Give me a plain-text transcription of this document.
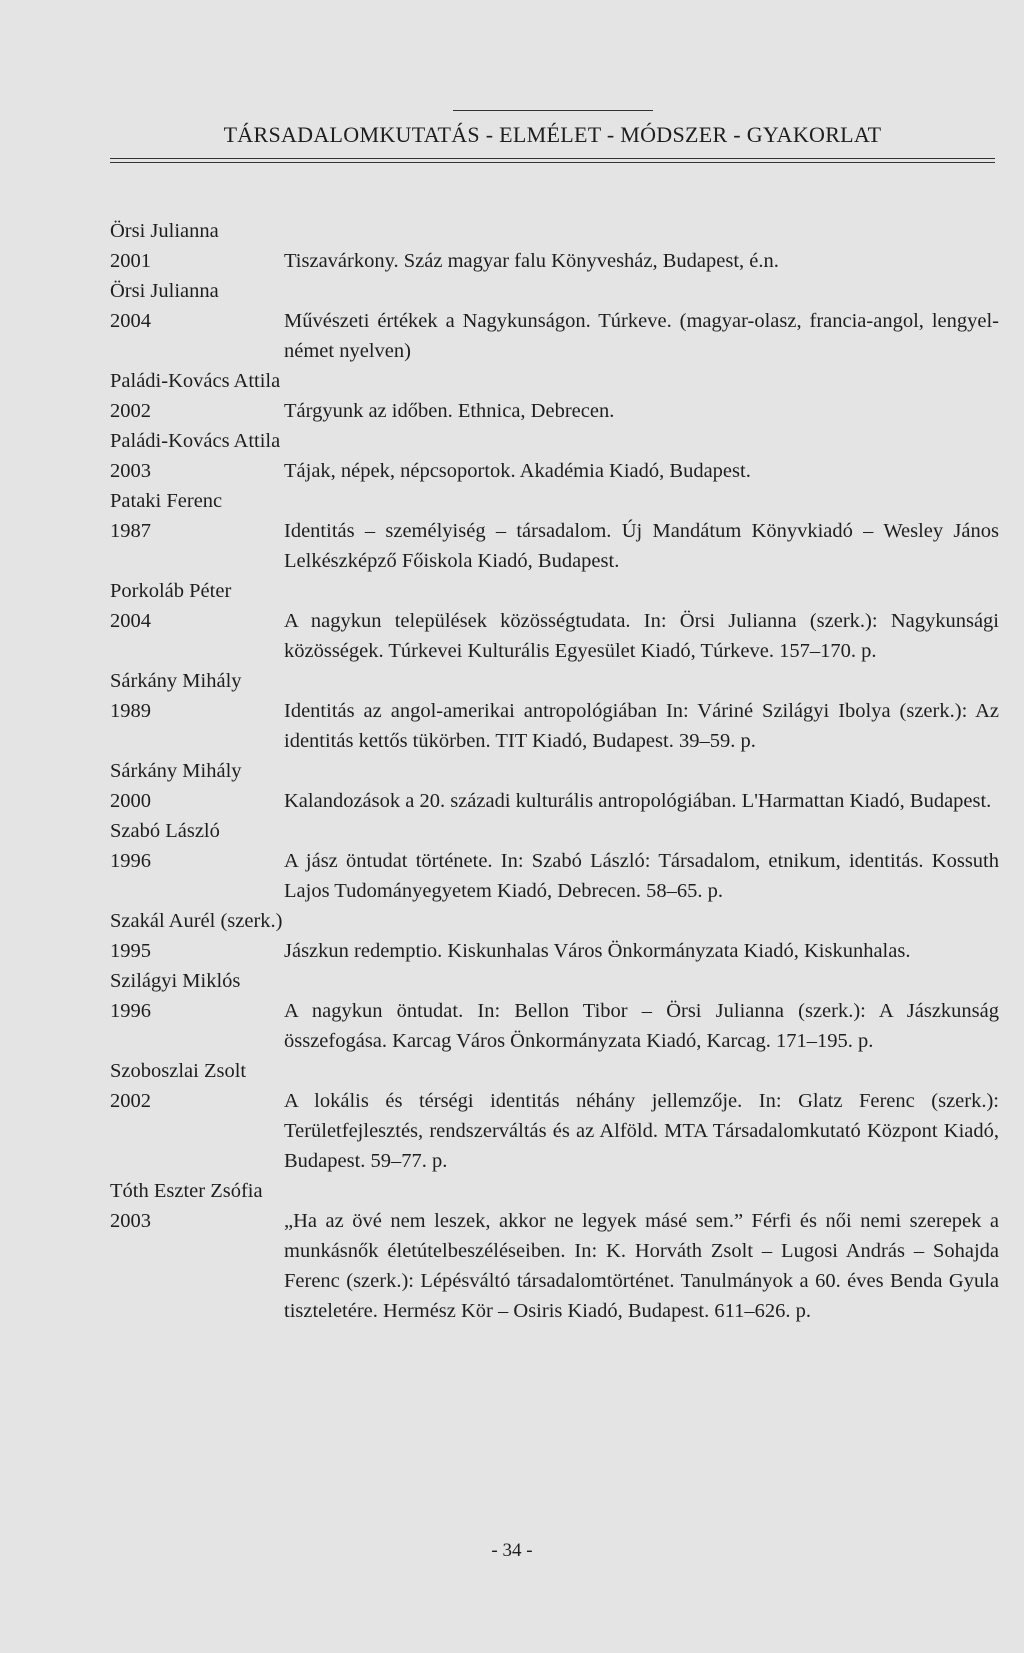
TÁRSADALOMKUTATÁS - ELMÉLET - MÓDSZER - GYAKORLAT
Örsi Julianna
2001	Tiszavárkony. Száz magyar falu Könyvesház, Budapest, é.n.
Örsi Julianna
2004	Művészeti értékek a Nagykunságon. Túrkeve. (magyar-olasz, francia-angol, lengyel-német nyelven)
Paládi-Kovács Attila
2002	Tárgyunk az időben. Ethnica, Debrecen.
Paládi-Kovács Attila
2003	Tájak, népek, népcsoportok. Akadémia Kiadó, Budapest.
Pataki Ferenc
1987	Identitás – személyiség – társadalom. Új Mandátum Könyvkiadó – Wesley János Lelkészképző Főiskola Kiadó, Budapest.
Porkoláb Péter
2004	A nagykun települések közösségtudata. In: Örsi Julianna (szerk.): Nagykunsági közösségek. Túrkevei Kulturális Egyesület Kiadó, Túrkeve. 157–170. p.
Sárkány Mihály
1989	Identitás az angol-amerikai antropológiában In: Váriné Szilágyi Ibolya (szerk.): Az identitás kettős tükörben. TIT Kiadó, Budapest. 39–59. p.
Sárkány Mihály
2000	Kalandozások a 20. századi kulturális antropológiában. L'Harmattan Kiadó, Budapest.
Szabó László
1996	A jász öntudat története. In: Szabó László: Társadalom, etnikum, identitás. Kossuth Lajos Tudományegyetem Kiadó, Debrecen. 58–65. p.
Szakál Aurél (szerk.)
1995	Jászkun redemptio. Kiskunhalas Város Önkormányzata Kiadó, Kiskunhalas.
Szilágyi Miklós
1996	A nagykun öntudat. In: Bellon Tibor – Örsi Julianna (szerk.): A Jászkunság összefogása. Karcag Város Önkormányzata Kiadó, Karcag. 171–195. p.
Szoboszlai Zsolt
2002	A lokális és térségi identitás néhány jellemzője. In: Glatz Ferenc (szerk.): Területfejlesztés, rendszerváltás és az Alföld. MTA Társadalomkutató Központ Kiadó, Budapest. 59–77. p.
Tóth Eszter Zsófia
2003	„Ha az övé nem leszek, akkor ne legyek másé sem.” Férfi és női nemi szerepek a munkásnők életútelbeszéléseiben. In: K. Horváth Zsolt – Lugosi András – Sohajda Ferenc (szerk.): Lépésváltó társadalomtörténet. Tanulmányok a 60. éves Benda Gyula tiszteletére. Hermész Kör – Osiris Kiadó, Budapest. 611–626. p.
- 34 -
